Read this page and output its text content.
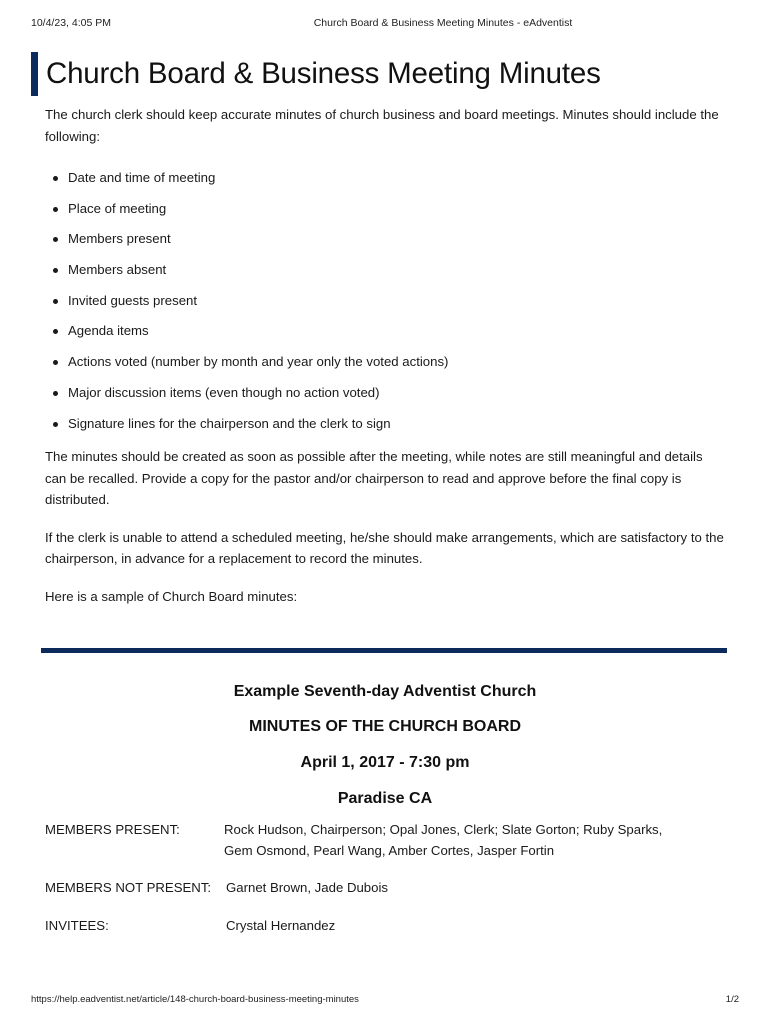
10/4/23, 4:05 PM	Church Board & Business Meeting Minutes - eAdventist
Church Board & Business Meeting Minutes

The church clerk should keep accurate minutes of church business and board meetings. Minutes should include the following:

Date and time of meeting
Place of meeting
Members present
Members absent
Invited guests present
Agenda items
Actions voted (number by month and year only the voted actions)
Major discussion items (even though no action voted)
Signature lines for the chairperson and the clerk to sign

The minutes should be created as soon as possible after the meeting, while notes are still meaningful and details can be recalled. Provide a copy for the pastor and/or chairperson to read and approve before the final copy is distributed.

If the clerk is unable to attend a scheduled meeting, he/she should make arrangements, which are satisfactory to the chairperson, in advance for a replacement to record the minutes.

Here is a sample of Church Board minutes:

Example Seventh-day Adventist Church
MINUTES OF THE CHURCH BOARD
April 1, 2017 - 7:30 pm
Paradise CA
MEMBERS PRESENT:	Rock Hudson, Chairperson; Opal Jones, Clerk; Slate Gorton; Ruby Sparks,
Gem Osmond, Pearl Wang, Amber Cortes, Jasper Fortin
MEMBERS NOT PRESENT: Garnet Brown, Jade Dubois
INVITEES:	Crystal Hernandez
https://help.eadventist.net/article/148-church-board-business-meeting-minutes	1/2
